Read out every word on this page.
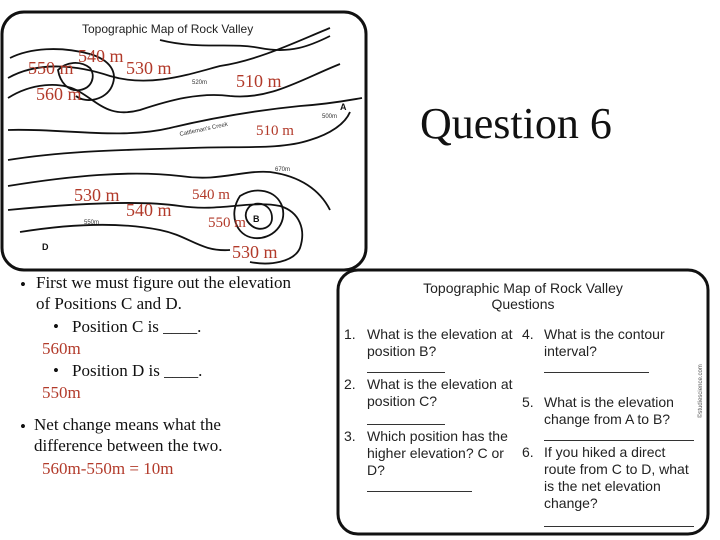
Topographic Map of Rock Valley
520m
Cattleman's Creek
500m
670m
550m
A
B
D
540 m
550 m	530 m
510 m
560 m
510 m
530 m
540 m
540 m
550 m
530 m
Question 6
• First we must figure out the elevation of Positions C and D.
• Position C is ____.
560m
• Position D is ____.
550m
• Net change means what the difference between the two.
560m-550m = 10m
Topographic Map of Rock Valley
Questions
1. What is the elevation at position B?
2. What is the elevation at position C?
3. Which position has the higher elevation? C or D?
4. What is the contour interval?
5. What is the elevation change from A to B?
6. If you hiked a direct route from C to D, what is the net elevation change?
©studiescience.com
